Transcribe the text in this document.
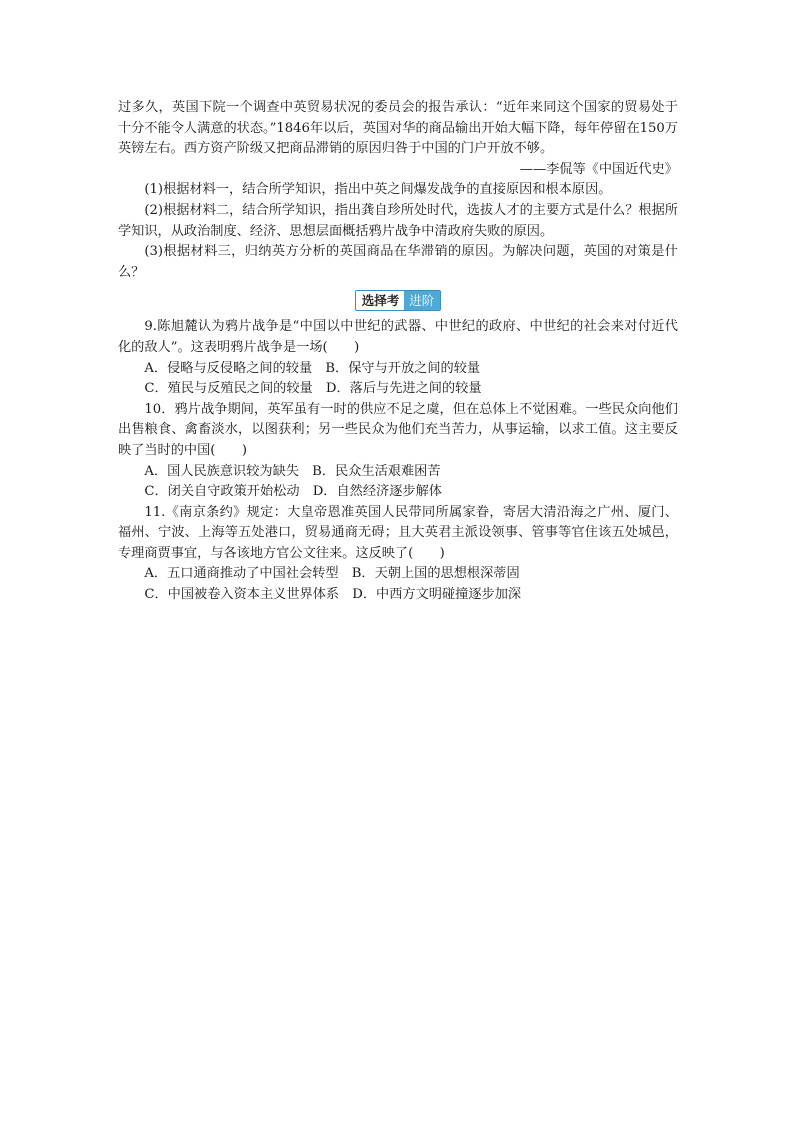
过多久，英国下院一个调查中英贸易状况的委员会的报告承认：“近年来同这个国家的贸易处于十分不能令人满意的状态。”1846年以后，英国对华的商品输出开始大幅下降，每年停留在150万英镑左右。西方资产阶级又把商品滞销的原因归咎于中国的门户开放不够。

——李侃等《中国近代史》

(1)根据材料一，结合所学知识，指出中英之间爆发战争的直接原因和根本原因。

(2)根据材料二，结合所学知识，指出龚自珍所处时代，选拔人才的主要方式是什么？根据所学知识，从政治制度、经济、思想层面概括鸦片战争中清政府失败的原因。

(3)根据材料三，归纳英方分析的英国商品在华滞销的原因。为解决问题，英国的对策是什么？

选择考 进阶

9.陈旭麓认为鸦片战争是“中国以中世纪的武器、中世纪的政府、中世纪的社会来对付近代化的敌人”。这表明鸦片战争是一场(　　)

A．侵略与反侵略之间的较量　B．保守与开放之间的较量

C．殖民与反殖民之间的较量　D．落后与先进之间的较量

10．鸦片战争期间，英军虽有一时的供应不足之虞，但在总体上不觉困难。一些民众向他们出售粮食、禽畜淡水，以图获利；另一些民众为他们充当苦力，从事运输，以求工值。这主要反映了当时的中国(　　)

A．国人民族意识较为缺失　B．民众生活艰难困苦

C．闭关自守政策开始松动　D．自然经济逐步解体

11.《南京条约》规定：大皇帝恩准英国人民带同所属家眷，寄居大清沿海之广州、厦门、福州、宁波、上海等五处港口，贸易通商无碍；且大英君主派设领事、管事等官住该五处城邑，专理商贾事宜，与各该地方官公文往来。这反映了(　　)

A．五口通商推动了中国社会转型　B．天朝上国的思想根深蒂固

C．中国被卷入资本主义世界体系　D．中西方文明碰撞逐步加深
